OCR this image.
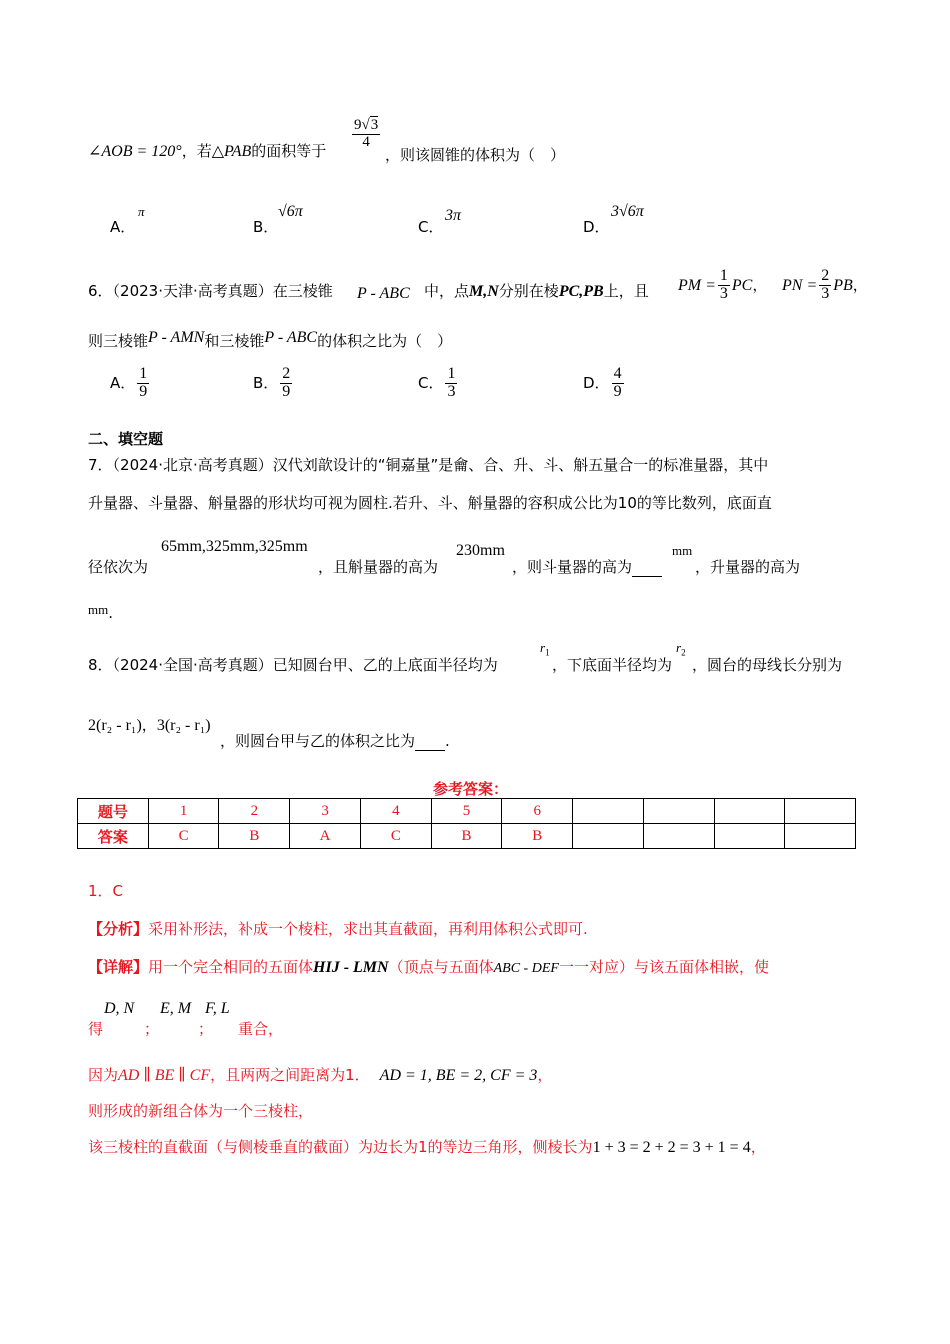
∠AOB = 120°，若△PAB的面积等于
$\frac{9√3}{4}$
，则该圆锥的体积为（　）
A．
π
B．
√6π
C．
3π
D．
3√6π
6．（2023·天津·高考真题）在三棱锥 P - ABC 中，点M,N分别在棱PC,PB上，且 PM = $\frac{1}{3}$ PC， PN = $\frac{2}{3}$ PB，
则三棱锥P - AMN和三棱锥P - ABC的体积之比为（　）
A． $\frac{1}{9}$	B． $\frac{2}{9}$	C． $\frac{1}{3}$	D． $\frac{4}{9}$
二、填空题
7．（2024·北京·高考真题）汉代刘歆设计的“铜嘉量”是龠、合、升、斗、斛五量合一的标准量器，其中
升量器、斗量器、斛量器的形状均可视为圆柱.若升、斗、斛量器的容积成公比为10的等比数列，底面直
径依次为
65mm,325mm,325mm
，且斛量器的高为
230mm
，则斗量器的高为　　
mm
，升量器的高为
mm.
8．（2024·全国·高考真题）已知圆台甲、乙的上底面半径均为
$r_1$
，下底面半径均为
$r_2$
，圆台的母线长分别为
2(r₂ - r₁)，3(r₂ - r₁)
，则圆台甲与乙的体积之比为　　 .
参考答案：
题号	1	2	3	4	5	6				
答案	C	B	A	C	B	B				
1．C
【分析】采用补形法，补成一个棱柱，求出其直截面，再利用体积公式即可.
【详解】用一个完全相同的五面体HIJ - LMN（顶点与五面体ABC - DEF一一对应）与该五面体相嵌，使
得
D, N
；
E, M
；
F, L
重合，
因为AD ∥ BE ∥ CF，且两两之间距离为1． AD = 1, BE = 2, CF = 3，
则形成的新组合体为一个三棱柱，
该三棱柱的直截面（与侧棱垂直的截面）为边长为1的等边三角形，侧棱长为1 + 3 = 2 + 2 = 3 + 1 = 4，
